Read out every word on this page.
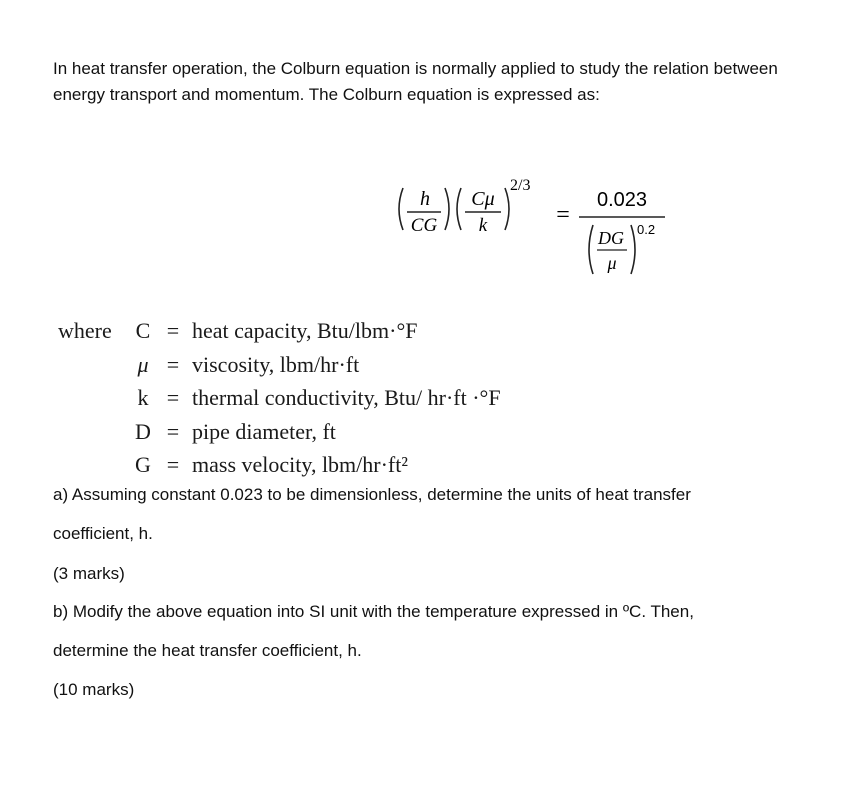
In heat transfer operation, the Colburn equation is normally applied to study the relation between
energy transport and momentum. The Colburn equation is expressed as:
h
CG
Cμ
k
2/3
=
0.023
DG
μ
0.2
where C = heat capacity, Btu/lbm·°F
μ = viscosity, lbm/hr·ft
k = thermal conductivity, Btu/ hr·ft ·°F
D = pipe diameter, ft
G = mass velocity, lbm/hr·ft²
a) Assuming constant 0.023 to be dimensionless, determine the units of heat transfer
coefficient, h.
(3 marks)
b) Modify the above equation into SI unit with the temperature expressed in ºC. Then,
determine the heat transfer coefficient, h.
(10 marks)
